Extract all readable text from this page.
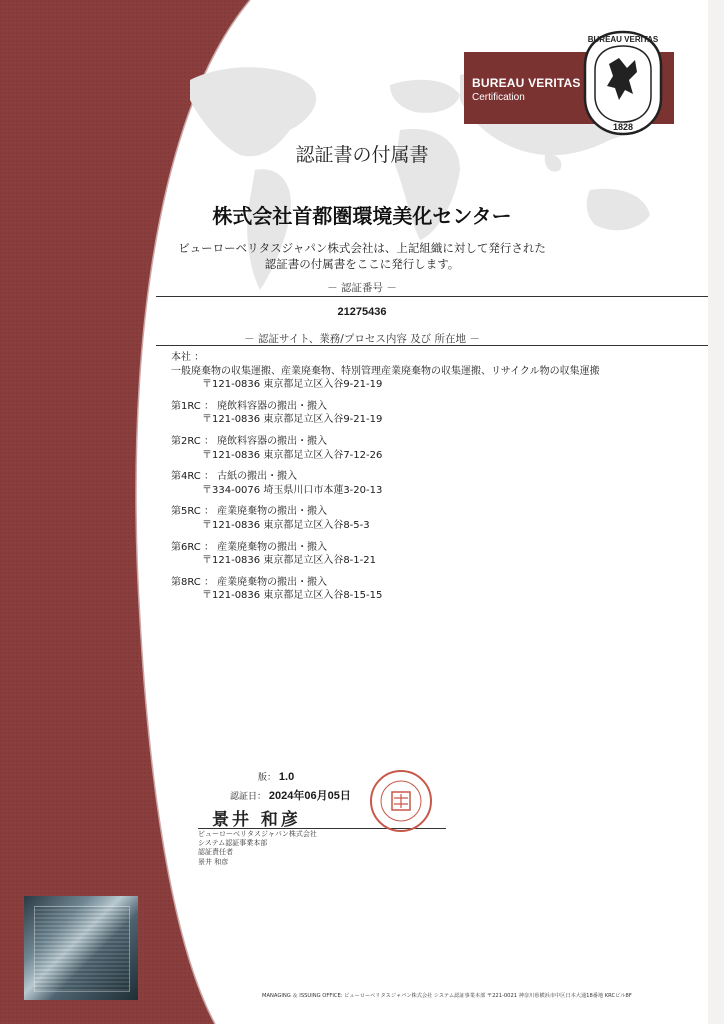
BUREAU VERITAS
Certification
BUREAU VERITAS
1828
認証書の付属書
株式会社首都圏環境美化センター
ビューローベリタスジャパン株式会社は、上記組織に対して発行された
認証書の付属書をここに発行します。
－ 認証番号 －
21275436
－ 認証サイト、業務/プロセス内容 及び 所在地 －
本社 ：
一般廃棄物の収集運搬、産業廃棄物、特別管理産業廃棄物の収集運搬、リサイクル物の収集運搬
〒121-0836 東京都足立区入谷9-21-19
第1RC ： 廃飲料容器の搬出・搬入
〒121-0836 東京都足立区入谷9-21-19
第2RC ： 廃飲料容器の搬出・搬入
〒121-0836 東京都足立区入谷7-12-26
第4RC ： 古紙の搬出・搬入
〒334-0076 埼玉県川口市本蓮3-20-13
第5RC ： 産業廃棄物の搬出・搬入
〒121-0836 東京都足立区入谷8-5-3
第6RC ： 産業廃棄物の搬出・搬入
〒121-0836 東京都足立区入谷8-1-21
第8RC ： 産業廃棄物の搬出・搬入
〒121-0836 東京都足立区入谷8-15-15
版： 1.0
認証日： 2024年06月05日
景井 和彦
ビューローベリタスジャパン株式会社
システム認証事業本部
認証責任者
景井 和彦
MANAGING ＆ ISSUING OFFICE: ビューローベリタスジャパン株式会社 システム認証事業本部 〒221-0021 神奈川県横浜市中区日本大通18番地 KRCビル8F
